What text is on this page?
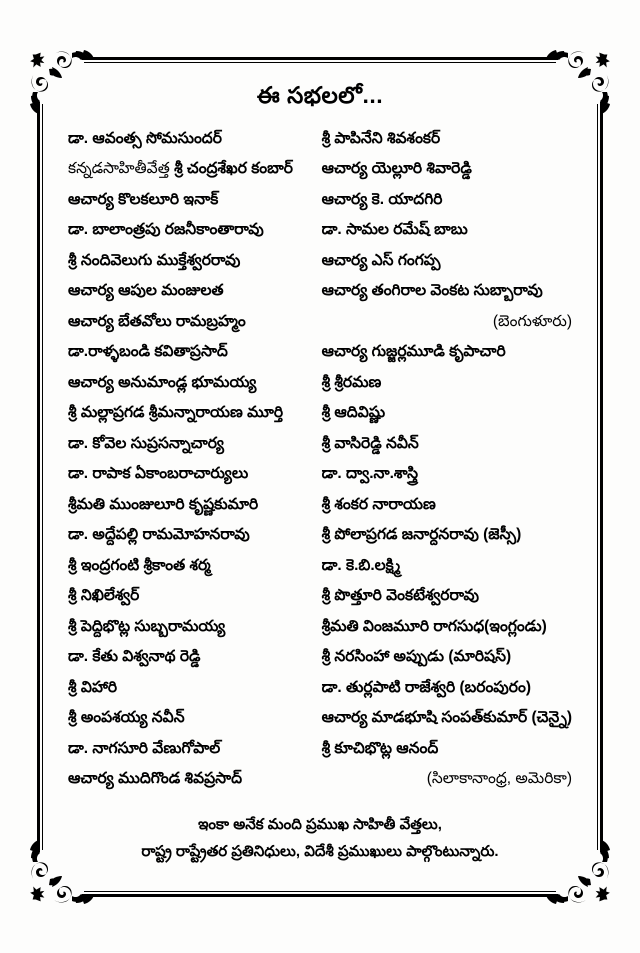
ఈ సభలలో...
డా. ఆవంత్స సోమసుందర్	శ్రీ పాపినేని శివశంకర్
కన్నడసాహితీవేత్త శ్రీ చంద్రశేఖర కంబార్	ఆచార్య యెల్లూరి శివారెడ్డి
ఆచార్య కొలకలూరి ఇనాక్	ఆచార్య కె. యాదగిరి
డా. బాలాంత్రపు రజనీకాంతారావు	డా. సామల రమేష్ బాబు
శ్రీ నందివెలుగు ముక్తేశ్వరరావు	ఆచార్య ఎస్ గంగప్ప
ఆచార్య ఆపుల మంజులత	ఆచార్య తంగిరాల వెంకట సుబ్బారావు
ఆచార్య బేతవోలు రామబ్రహ్మం	(బెంగుళూరు)
డా.రాళ్ళబండి కవితాప్రసాద్	ఆచార్య గుజ్జర్లమూడి కృపాచారి
ఆచార్య అనుమాండ్ల భూమయ్య	శ్రీ శ్రీరమణ
శ్రీ మల్లాప్రగడ శ్రీమన్నారాయణ మూర్తి	శ్రీ ఆదివిష్ణు
డా. కోవెల సుప్రసన్నాచార్య	శ్రీ వాసిరెడ్డి నవీన్
డా. రాపాక ఏకాంబరాచార్యులు	డా. ద్వా.నా.శాస్త్రి
శ్రీమతి ముంజులూరి కృష్ణకుమారి	శ్రీ శంకర నారాయణ
డా. అద్దేపల్లి రామమోహనరావు	శ్రీ పోలాప్రగడ జనార్దనరావు (జెస్సీ)
శ్రీ ఇంద్రగంటి శ్రీకాంత శర్మ	డా. కె.బి.లక్ష్మి
శ్రీ నిఖిలేశ్వర్	శ్రీ పొత్తూరి వెంకటేశ్వరరావు
శ్రీ పెద్దిభొట్ల సుబ్బరామయ్య	శ్రీమతి వింజమూరి రాగసుధ(ఇంగ్లండు)
డా. కేతు విశ్వనాథ రెడ్డి	శ్రీ నరసింహా అప్పుడు (మారిషస్)
శ్రీ విహారి	డా. తుర్లపాటి రాజేశ్వరి (బరంపురం)
శ్రీ అంపశయ్య నవీన్	ఆచార్య మాడభూషి సంపత్‌కుమార్ (చెన్నై)
డా. నాగసూరి వేణుగోపాల్	శ్రీ కూచిభొట్ల ఆనంద్
ఆచార్య ముదిగొండ శివప్రసాద్	(సిలాకానాంధ్ర, అమెరికా)
ఇంకా అనేక మంది ప్రముఖ సాహితీ వేత్తలు,
రాష్ట్ర రాష్ట్రేతర ప్రతినిధులు, విదేశీ ప్రముఖులు పాల్గొంటున్నారు.
